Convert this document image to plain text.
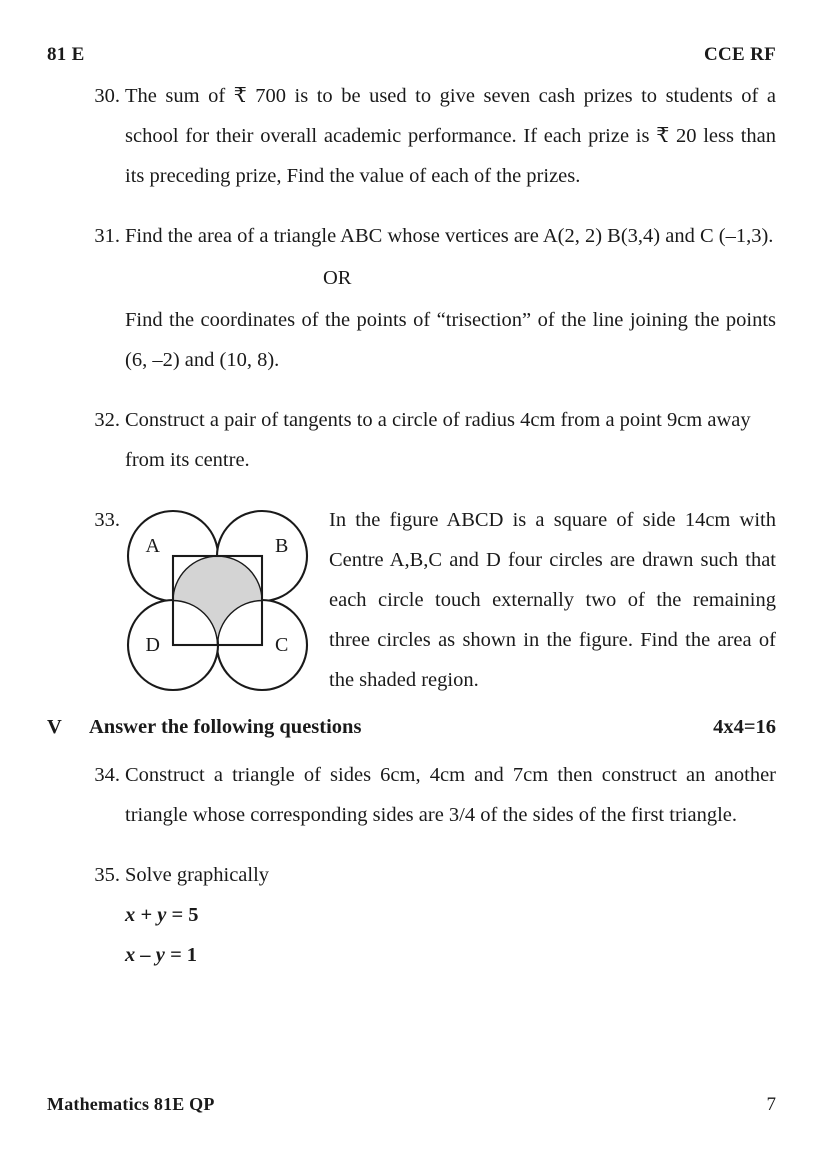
81 E	CCE RF
30. The sum of ₹ 700 is to be used to give seven cash prizes to students of a school for their overall academic performance. If each prize is ₹ 20 less than its preceding prize, Find the value of each of the prizes.

31. Find the area of a triangle ABC whose vertices are A(2, 2) B(3,4) and C (–1,3).

OR

Find the coordinates of the points of “trisection” of the line joining the points (6, –2) and (10, 8).

32. Construct a pair of tangents to a circle of radius 4cm from a point 9cm away from its centre.

33.
A	B
C
D
In the figure ABCD is a square of side 14cm with Centre A,B,C and D four circles are drawn such that each circle touch externally two of the remaining three circles as shown in the figure. Find the area of the shaded region.
V	Answer the following questions	4x4=16
34. Construct a triangle of sides 6cm, 4cm and 7cm then construct an another triangle whose corresponding sides are 3/4 of the sides of the first triangle.

35. Solve graphically

x + y = 5

x – y = 1

Mathematics 81E QP	7
